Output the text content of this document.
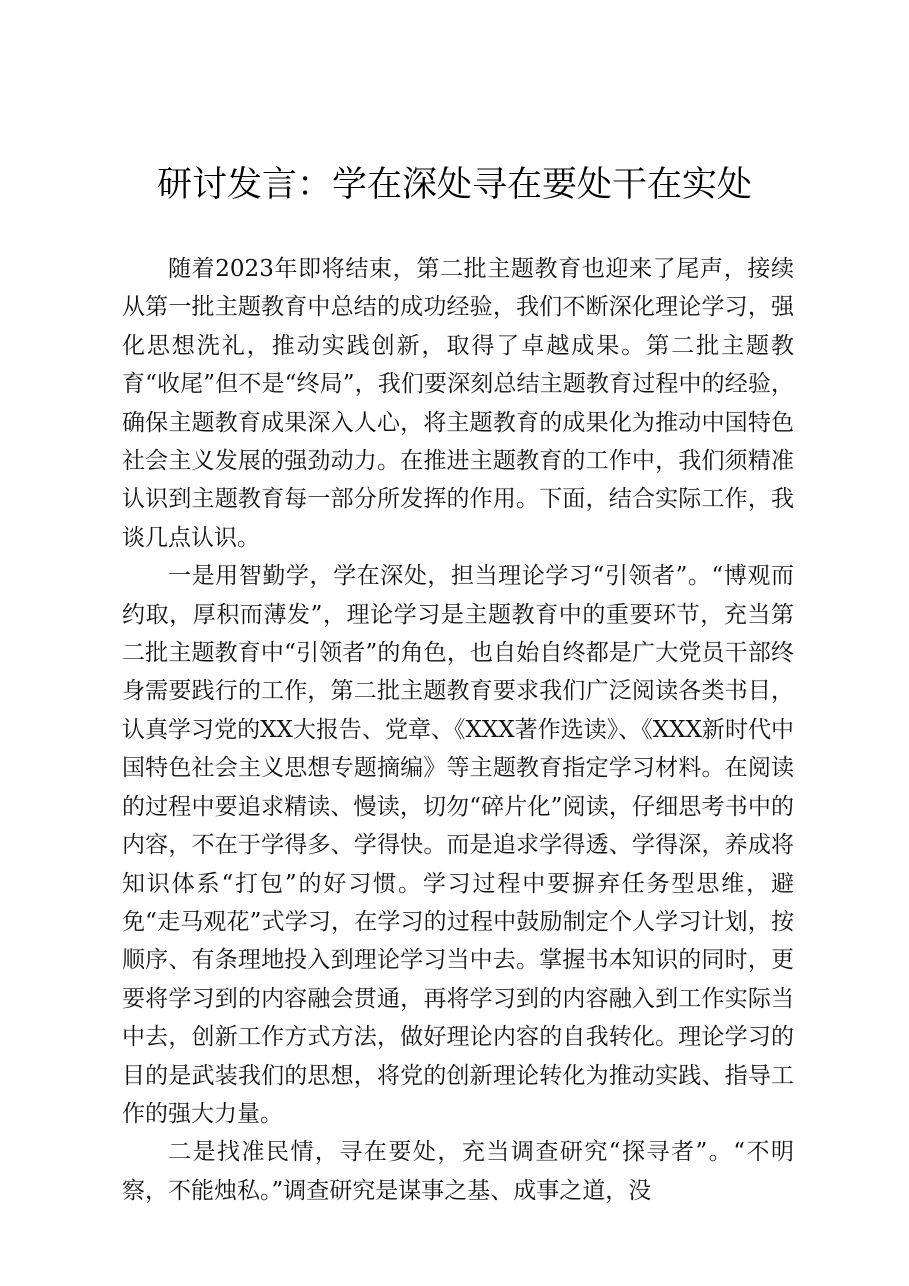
研讨发言：学在深处寻在要处干在实处

随着2023年即将结束，第二批主题教育也迎来了尾声，接续从第一批主题教育中总结的成功经验，我们不断深化理论学习，强化思想洗礼，推动实践创新，取得了卓越成果。第二批主题教育“收尾”但不是“终局”，我们要深刻总结主题教育过程中的经验，确保主题教育成果深入人心，将主题教育的成果化为推动中国特色社会主义发展的强劲动力。在推进主题教育的工作中，我们须精准认识到主题教育每一部分所发挥的作用。下面，结合实际工作，我谈几点认识。

一是用智勤学，学在深处，担当理论学习“引领者”。“博观而约取，厚积而薄发”，理论学习是主题教育中的重要环节，充当第二批主题教育中“引领者”的角色，也自始自终都是广大党员干部终身需要践行的工作，第二批主题教育要求我们广泛阅读各类书目，认真学习党的XX大报告、党章、《XXX著作选读》、《XXX新时代中国特色社会主义思想专题摘编》等主题教育指定学习材料。在阅读的过程中要追求精读、慢读，切勿“碎片化”阅读，仔细思考书中的内容，不在于学得多、学得快。而是追求学得透、学得深，养成将知识体系“打包”的好习惯。学习过程中要摒弃任务型思维，避免“走马观花”式学习，在学习的过程中鼓励制定个人学习计划，按顺序、有条理地投入到理论学习当中去。掌握书本知识的同时，更要将学习到的内容融会贯通，再将学习到的内容融入到工作实际当中去，创新工作方式方法，做好理论内容的自我转化。理论学习的目的是武装我们的思想，将党的创新理论转化为推动实践、指导工作的强大力量。

二是找准民情，寻在要处，充当调查研究“探寻者”。“不明察，不能烛私。”调查研究是谋事之基、成事之道，没
